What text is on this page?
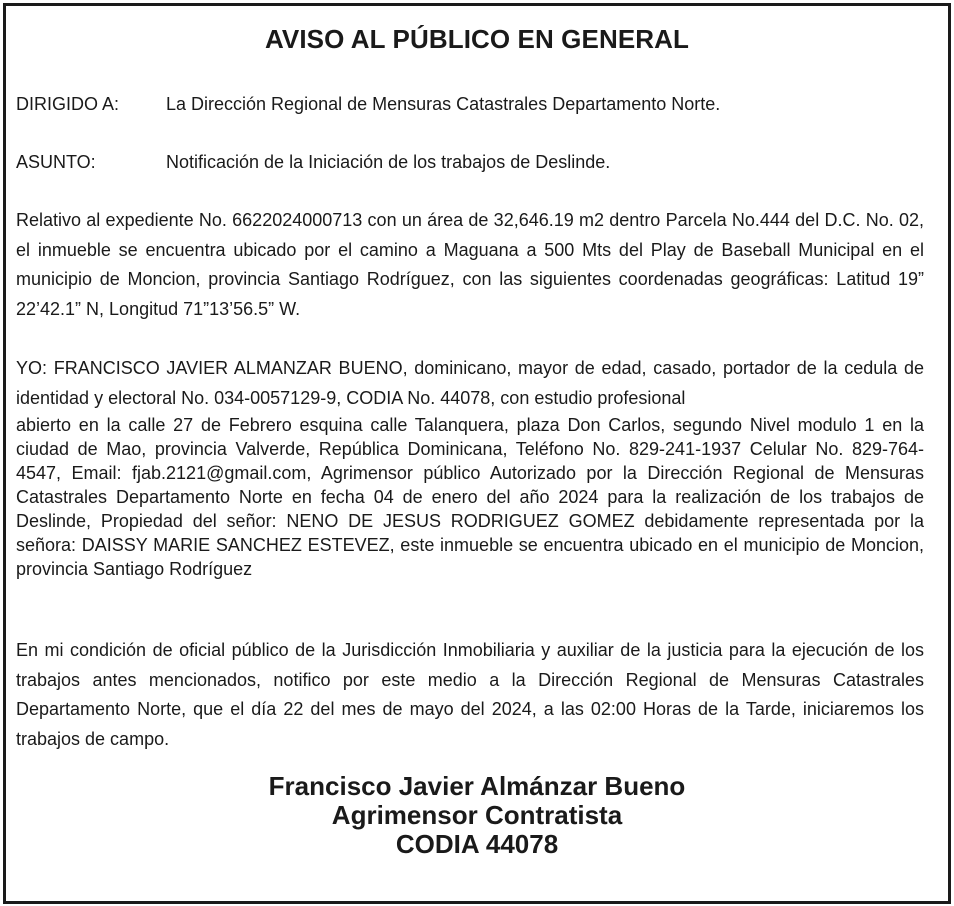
AVISO AL PÚBLICO EN GENERAL
DIRIGIDO A:	La Dirección Regional de Mensuras Catastrales Departamento Norte.
ASUNTO:	Notificación de la Iniciación de los trabajos de Deslinde.
Relativo al expediente No. 6622024000713 con un área de 32,646.19 m2 dentro Parcela No.444 del D.C. No. 02, el inmueble se encuentra ubicado por el camino a Maguana a 500 Mts del Play de Baseball Municipal en el municipio de Moncion, provincia Santiago Rodríguez, con las siguientes coordenadas geográficas: Latitud 19” 22’42.1” N, Longitud 71”13’56.5” W.
YO: FRANCISCO JAVIER ALMANZAR BUENO, dominicano, mayor de edad, casado, portador de la cedula de identidad y electoral No. 034-0057129-9, CODIA No. 44078, con estudio profesional
abierto en la calle 27 de Febrero esquina calle Talanquera, plaza Don Carlos, segundo Nivel modulo 1 en la ciudad de Mao, provincia Valverde, República Dominicana, Teléfono No. 829-241-1937 Celular No. 829-764-4547, Email: fjab.2121@gmail.com, Agrimensor público Autorizado por la Dirección Regional de Mensuras Catastrales Departamento Norte en fecha 04 de enero del año 2024 para la realización de los trabajos de Deslinde, Propiedad del señor: NENO DE JESUS RODRIGUEZ GOMEZ debidamente representada por la señora: DAISSY MARIE SANCHEZ ESTEVEZ, este inmueble se encuentra ubicado en el municipio de Moncion, provincia Santiago Rodríguez
En mi condición de oficial público de la Jurisdicción Inmobiliaria y auxiliar de la justicia para la ejecución de los trabajos antes mencionados, notifico por este medio a la Dirección Regional de Mensuras Catastrales Departamento Norte, que el día 22 del mes de mayo del 2024, a las 02:00 Horas de la Tarde, iniciaremos los trabajos de campo.
Francisco Javier Almánzar Bueno
Agrimensor Contratista
CODIA 44078
